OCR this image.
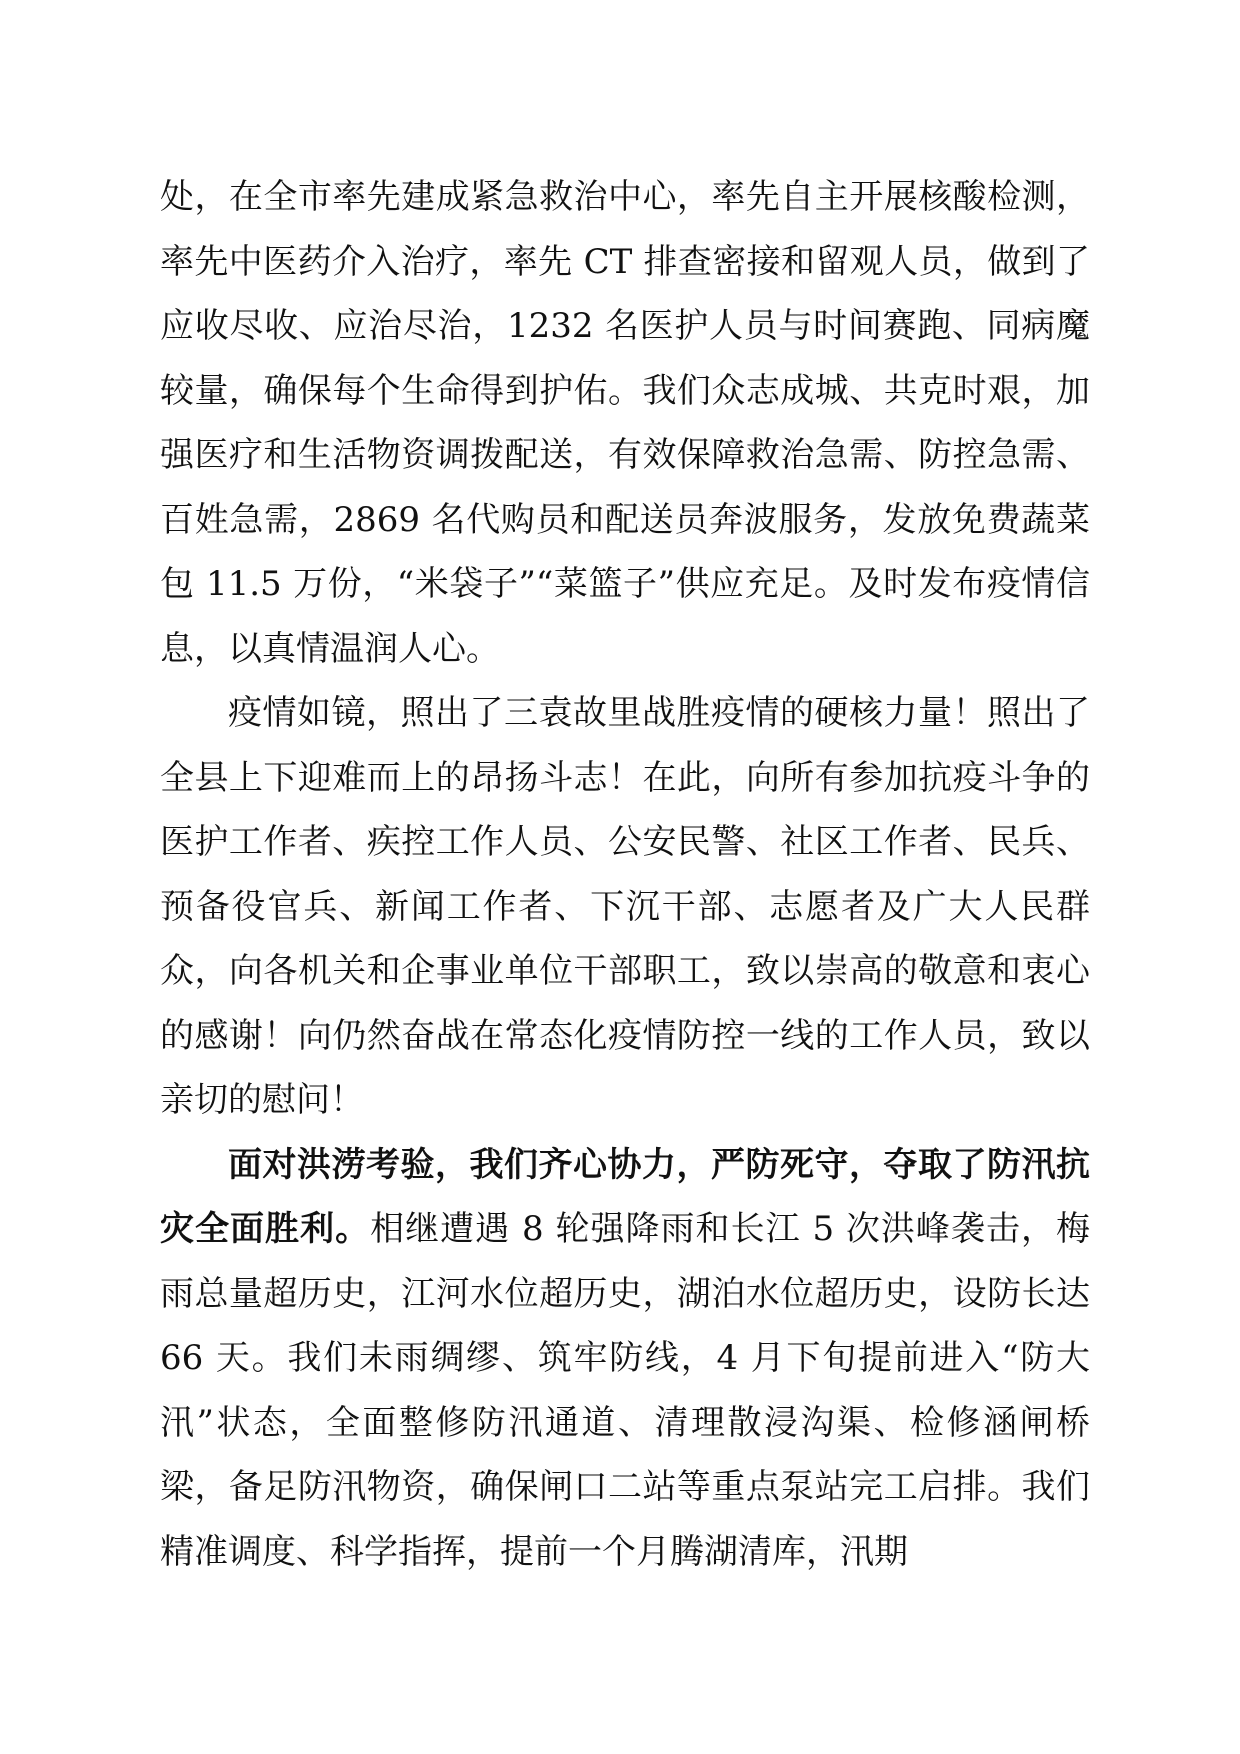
处，在全市率先建成紧急救治中心，率先自主开展核酸检测，率先中医药介入治疗，率先 CT 排查密接和留观人员，做到了应收尽收、应治尽治，1232 名医护人员与时间赛跑、同病魔较量，确保每个生命得到护佑。我们众志成城、共克时艰，加强医疗和生活物资调拨配送，有效保障救治急需、防控急需、百姓急需，2869 名代购员和配送员奔波服务，发放免费蔬菜包 11.5 万份，“米袋子”“菜篮子”供应充足。及时发布疫情信息，以真情温润人心。

疫情如镜，照出了三袁故里战胜疫情的硬核力量！照出了全县上下迎难而上的昂扬斗志！在此，向所有参加抗疫斗争的医护工作者、疾控工作人员、公安民警、社区工作者、民兵、预备役官兵、新闻工作者、下沉干部、志愿者及广大人民群众，向各机关和企事业单位干部职工，致以崇高的敬意和衷心的感谢！向仍然奋战在常态化疫情防控一线的工作人员，致以亲切的慰问！

面对洪涝考验，我们齐心协力，严防死守，夺取了防汛抗灾全面胜利。相继遭遇 8 轮强降雨和长江 5 次洪峰袭击，梅雨总量超历史，江河水位超历史，湖泊水位超历史，设防长达 66 天。我们未雨绸缪、筑牢防线，4 月下旬提前进入“防大汛”状态，全面整修防汛通道、清理散浸沟渠、检修涵闸桥梁，备足防汛物资，确保闸口二站等重点泵站完工启排。我们精准调度、科学指挥，提前一个月腾湖清库，汛期
